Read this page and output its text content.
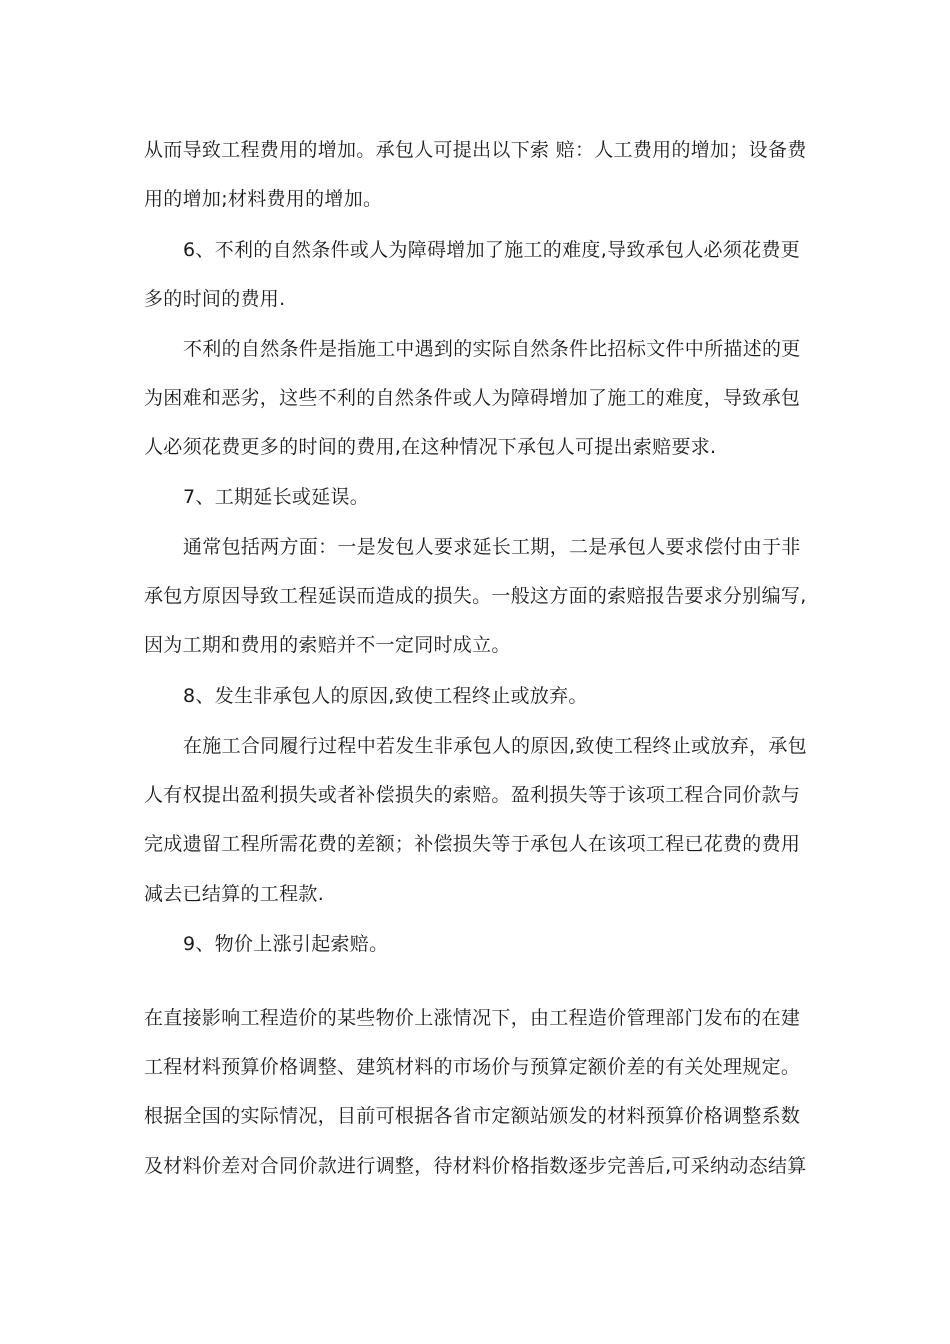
从而导致工程费用的增加。承包人可提出以下索 赔：人工费用的增加；设备费
用的增加;材料费用的增加。
6、不利的自然条件或人为障碍增加了施工的难度,导致承包人必须花费更
多的时间的费用.
不利的自然条件是指施工中遇到的实际自然条件比招标文件中所描述的更
为困难和恶劣，这些不利的自然条件或人为障碍增加了施工的难度，导致承包
人必须花费更多的时间的费用,在这种情况下承包人可提出索赔要求.
7、工期延长或延误。
通常包括两方面：一是发包人要求延长工期，二是承包人要求偿付由于非
承包方原因导致工程延误而造成的损失。一般这方面的索赔报告要求分别编写,
因为工期和费用的索赔并不一定同时成立。
8、发生非承包人的原因,致使工程终止或放弃。
在施工合同履行过程中若发生非承包人的原因,致使工程终止或放弃，承包
人有权提出盈利损失或者补偿损失的索赔。盈利损失等于该项工程合同价款与
完成遗留工程所需花费的差额；补偿损失等于承包人在该项工程已花费的费用
减去已结算的工程款.
9、物价上涨引起索赔。
在直接影响工程造价的某些物价上涨情况下，由工程造价管理部门发布的在建
工程材料预算价格调整、建筑材料的市场价与预算定额价差的有关处理规定。
根据全国的实际情况，目前可根据各省市定额站颁发的材料预算价格调整系数
及材料价差对合同价款进行调整，待材料价格指数逐步完善后,可采纳动态结算
